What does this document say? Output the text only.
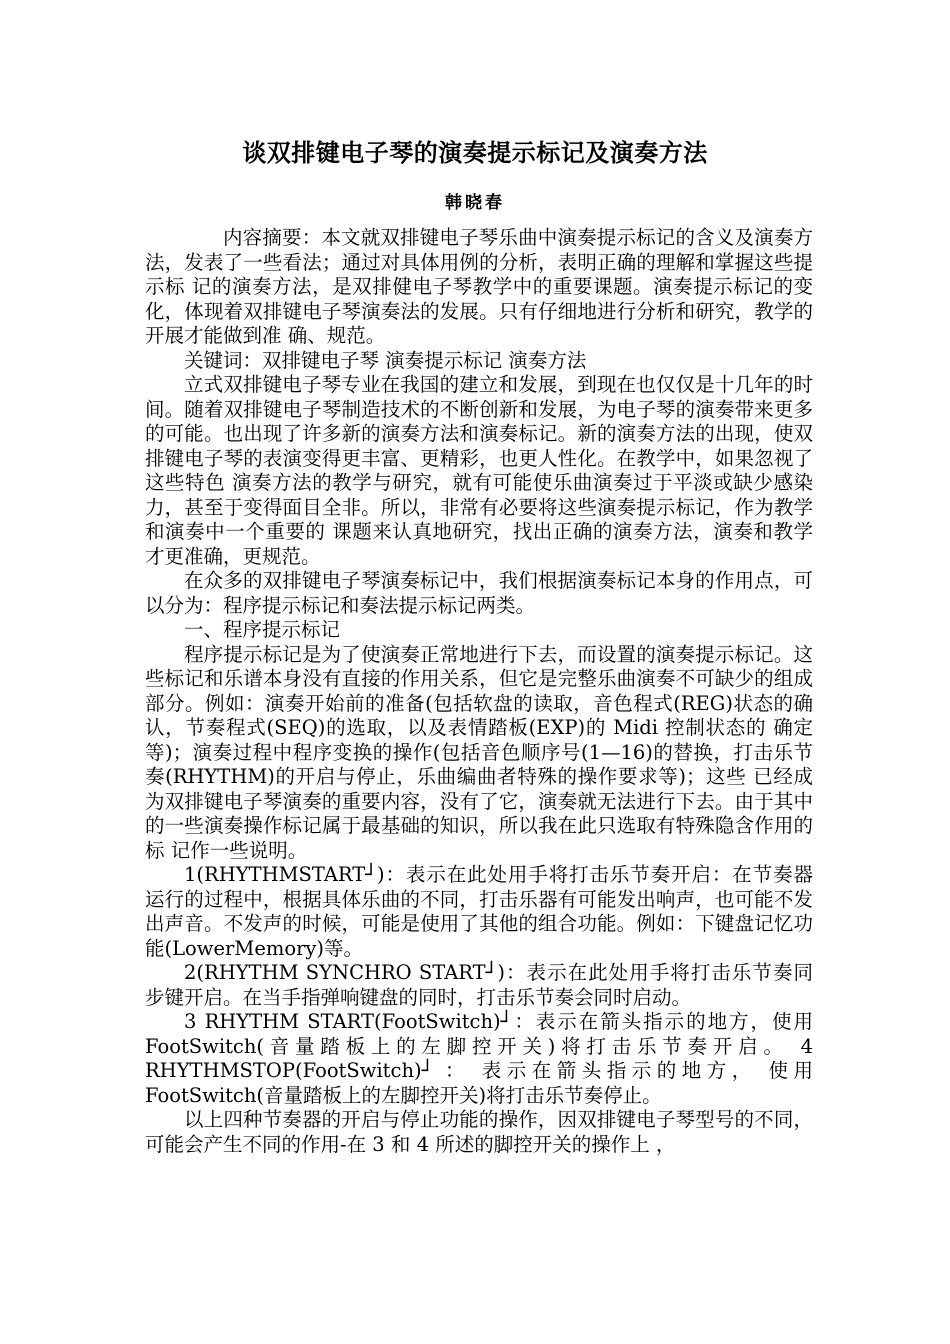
谈双排键电子琴的演奏提示标记及演奏方法
韩晓春

内容摘要：本文就双排键电子琴乐曲中演奏提示标记的含义及演奏方法，发表了一些看法；通过对具体用例的分析，表明正确的理解和掌握这些提示标 记的演奏方法，是双排健电子琴教学中的重要课题。演奏提示标记的变化，体现着双排键电子琴演奏法的发展。只有仔细地进行分析和研究，教学的开展才能做到准 确、规范。

关键词：双排键电子琴 演奏提示标记 演奏方法

立式双排键电子琴专业在我国的建立和发展，到现在也仅仅是十几年的时间。随着双排键电子琴制造技术的不断创新和发展，为电子琴的演奏带来更多 的可能。也出现了许多新的演奏方法和演奏标记。新的演奏方法的出现，使双排键电子琴的表演变得更丰富、更精彩，也更人性化。在教学中，如果忽视了这些特色 演奏方法的教学与研究，就有可能使乐曲演奏过于平淡或缺少感染力，甚至于变得面目全非。所以，非常有必要将这些演奏提示标记，作为教学和演奏中一个重要的 课题来认真地研究，找出正确的演奏方法，演奏和教学才更准确，更规范。

在众多的双排键电子琴演奏标记中，我们根据演奏标记本身的作用点，可以分为：程序提示标记和奏法提示标记两类。

一、程序提示标记

程序提示标记是为了使演奏正常地进行下去，而设置的演奏提示标记。这些标记和乐谱本身没有直接的作用关系，但它是完整乐曲演奏不可缺少的组成 部分。例如：演奏开始前的准备(包括软盘的读取，音色程式(REG)状态的确认，节奏程式(SEQ)的选取，以及表情踏板(EXP)的 Midi 控制状态的 确定等)；演奏过程中程序变换的操作(包括音色顺序号(1—16)的替换，打击乐节奏(RHYTHM)的开启与停止，乐曲编曲者特殊的操作要求等)；这些 已经成为双排键电子琴演奏的重要内容，没有了它，演奏就无法进行下去。由于其中的一些演奏操作标记属于最基础的知识，所以我在此只选取有特殊隐含作用的标 记作一些说明。

1(RHYTHMSTART┘)：表示在此处用手将打击乐节奏开启：在节奏器运行的过程中，根据具体乐曲的不同，打击乐器有可能发出响声，也可能不发出声音。不发声的时候，可能是使用了其他的组合功能。例如：下键盘记忆功能(LowerMemory)等。

2(RHYTHM SYNCHRO START┘)：表示在此处用手将打击乐节奏同步键开启。在当手指弹响键盘的同时，打击乐节奏会同时启动。

3 RHYTHM START(FootSwitch)┘：表示在箭头指示的地方，使用 FootSwitch(音量踏板上的左脚控开关)将打击乐节奏开启。 4 RHYTHMSTOP(FootSwitch)┘ ： 表示在箭头指示的地方， 使用 FootSwitch(音量踏板上的左脚控开关)将打击乐节奏停止。

以上四种节奏器的开启与停止功能的操作，因双排键电子琴型号的不同，可能会产生不同的作用-在 3 和 4 所述的脚控开关的操作上 ，
